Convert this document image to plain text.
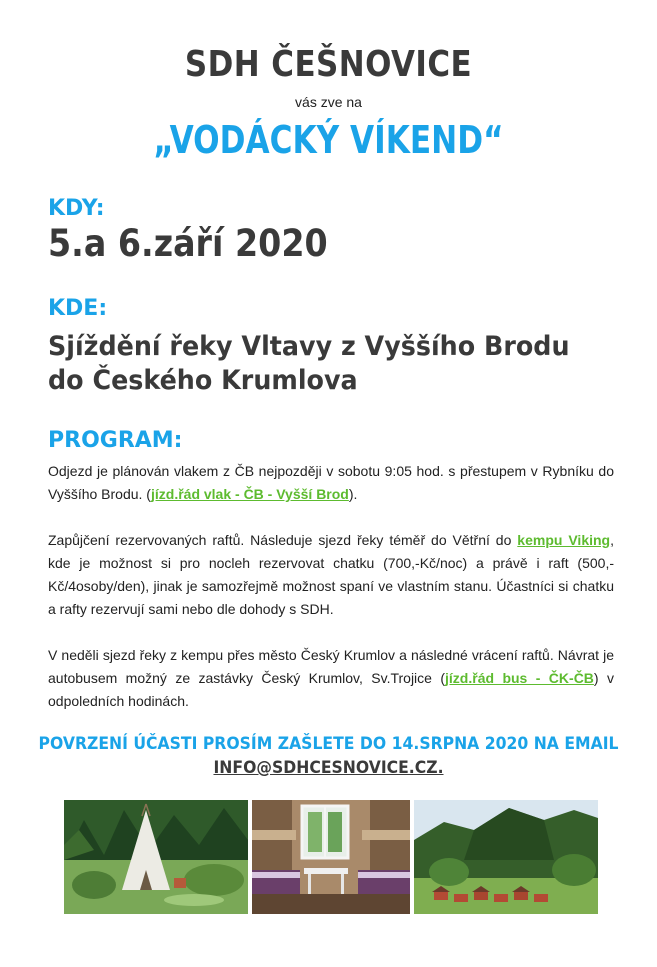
SDH ČEŠNOVICE
vás zve na
„VODÁCKÝ VÍKEND“
KDY:
5.a 6.září 2020
KDE:
Sjíždění řeky Vltavy z Vyššího Brodu do Českého Krumlova
PROGRAM:

Odjezd je plánován vlakem z ČB nejpozději v sobotu 9:05 hod. s přestupem v Rybníku do Vyššího Brodu. (jízd.řád vlak - ČB - Vyšší Brod).

Zapůjčení rezervovaných raftů. Následuje sjezd řeky téměř do Větřní do kempu Viking, kde je možnost si pro nocleh rezervovat chatku (700,-Kč/noc) a právě i raft (500,-Kč/4osoby/den), jinak je samozřejmě možnost spaní ve vlastním stanu. Účastníci si chatku a rafty rezervují sami nebo dle dohody s SDH.

V neděli sjezd řeky z kempu přes město Český Krumlov a následné vrácení raftů. Návrat je autobusem možný ze zastávky Český Krumlov, Sv.Trojice (jízd.řád bus - ČK-ČB) v odpoledních hodinách.

POVRZENÍ ÚČASTI PROSÍM ZAŠLETE DO 14.SRPNA 2020 NA EMAIL INFO@SDHCESNOVICE.CZ.
